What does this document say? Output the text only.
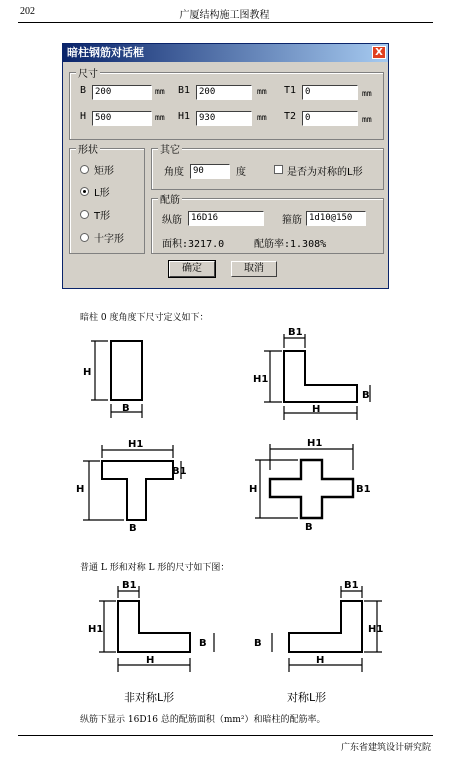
202	广厦结构施工图教程
暗柱钢筋对话框	X
尺寸
B 200	mm B1 200	mm T1 0	mm
H 500	mm H1 930	mm T2 0	mm
形状
矩形
L形
T形
十字形
其它
角度	90	度	是否为对称的L形
配筋
纵筋	16D16	箍筋 1d10@150
面积:3217.0	配筋率:1.308%
确定	取消
暗柱 0 度角度下尺寸定义如下：
H
B
B1
H1
B
H
H1
H
B1
B
H1
H	B1
B
B1
H1
B
H
B1
H1
B
H
普通 L 形和对称 L 形的尺寸如下图：
非对称L形	对称L形
纵筋下显示 16D16 总的配筋面积（mm²）和暗柱的配筋率。
广东省建筑设计研究院
